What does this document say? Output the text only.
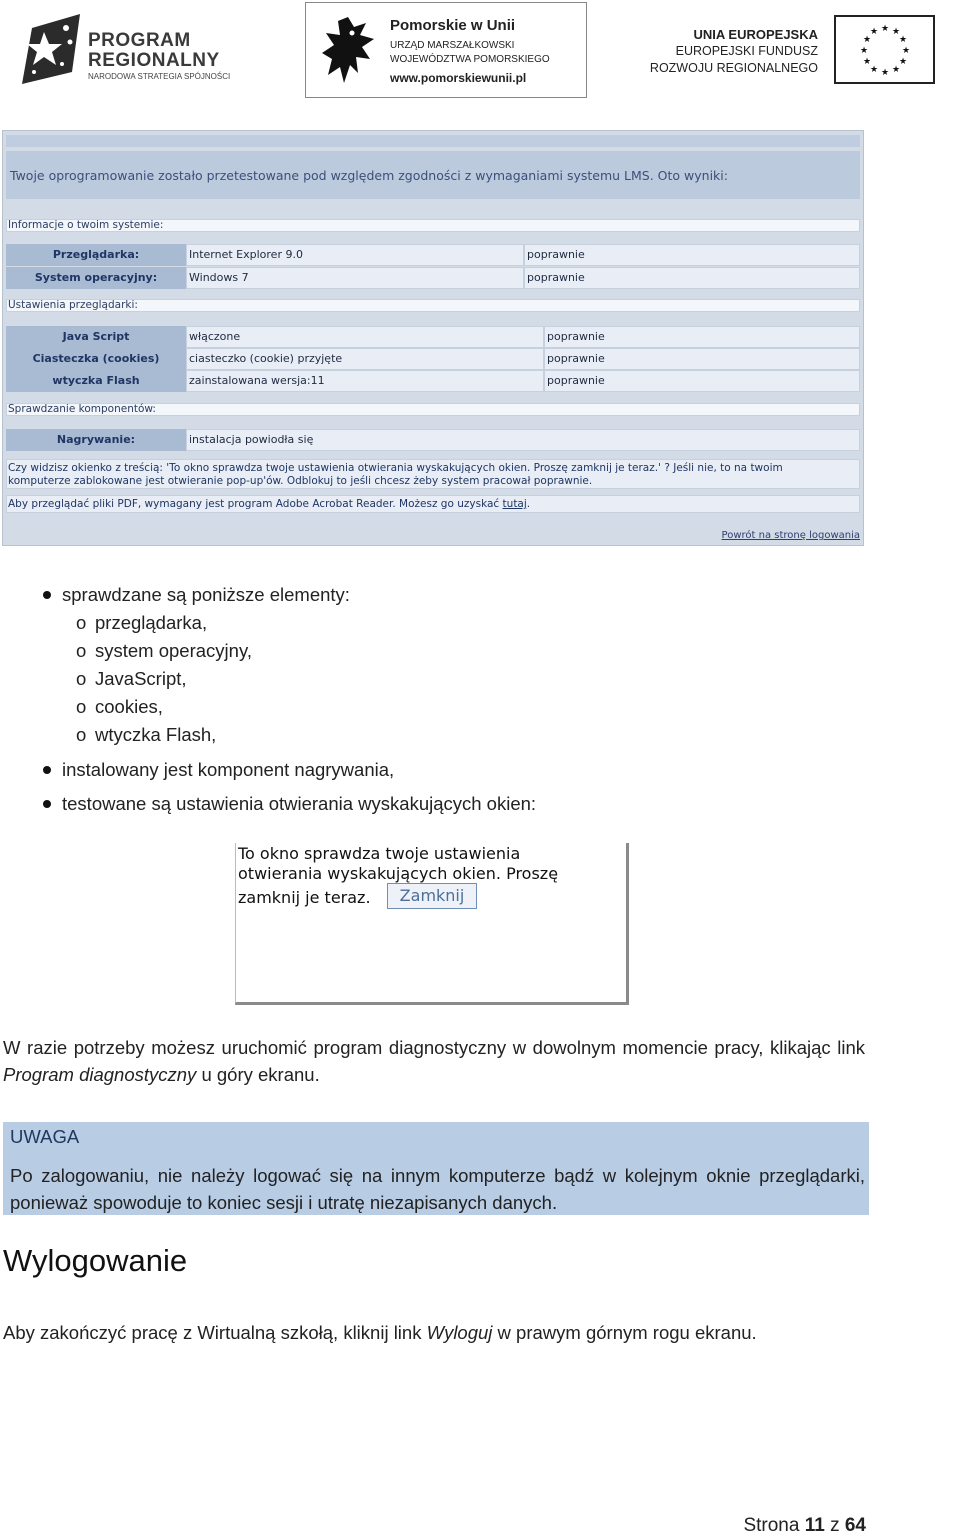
PROGRAM
REGIONALNY
NARODOWA STRATEGIA SPÓJNOŚCI
Pomorskie w Unii
URZĄD MARSZAŁKOWSKI
WOJEWÓDZTWA POMORSKIEGO
www.pomorskiewunii.pl
UNIA EUROPEJSKA
EUROPEJSKI FUNDUSZ
ROZWOJU REGIONALNEGO
★ ★
★
★
★
★
★
★
★
★
★
★
Twoje oprogramowanie zostało przetestowane pod względem zgodności z wymaganiami systemu LMS. Oto wyniki:
Informacje o twoim systemie:
Przeglądarka:	Internet Explorer 9.0	poprawnie
System operacyjny:	Windows 7	poprawnie
Ustawienia przeglądarki:
Java Script	włączone	poprawnie
Ciasteczka (cookies)	ciasteczko (cookie) przyjęte	poprawnie
wtyczka Flash	zainstalowana wersja:11	poprawnie
Sprawdzanie komponentów:
Nagrywanie:	instalacja powiodła się
Czy widzisz okienko z treścią: 'To okno sprawdza twoje ustawienia otwierania wyskakujących okien. Proszę zamknij je teraz.' ? Jeśli nie, to na twoim
komputerze zablokowane jest otwieranie pop-up'ów. Odblokuj to jeśli chcesz żeby system pracował poprawnie.
Aby przeglądać pliki PDF, wymagany jest program Adobe Acrobat Reader. Możesz go uzyskać tutaj.
Powrót na stronę logowania
sprawdzane są poniższe elementy:
o przeglądarka,
o system operacyjny,
o JavaScript,
o cookies,
o wtyczka Flash,
instalowany jest komponent nagrywania,
testowane są ustawienia otwierania wyskakujących okien:
To okno sprawdza twoje ustawienia
otwierania wyskakujących okien. Proszę
zamknij je teraz.	Zamknij
W razie potrzeby możesz uruchomić program diagnostyczny w dowolnym momencie pracy, klikając link Program diagnostyczny u góry ekranu.
UWAGA
Po zalogowaniu, nie należy logować się na innym komputerze bądź w kolejnym oknie przeglądarki, ponieważ spowoduje to koniec sesji i utratę niezapisanych danych.
Wylogowanie
Aby zakończyć pracę z Wirtualną szkołą, kliknij link Wyloguj w prawym górnym rogu ekranu.
Strona 11 z 64
